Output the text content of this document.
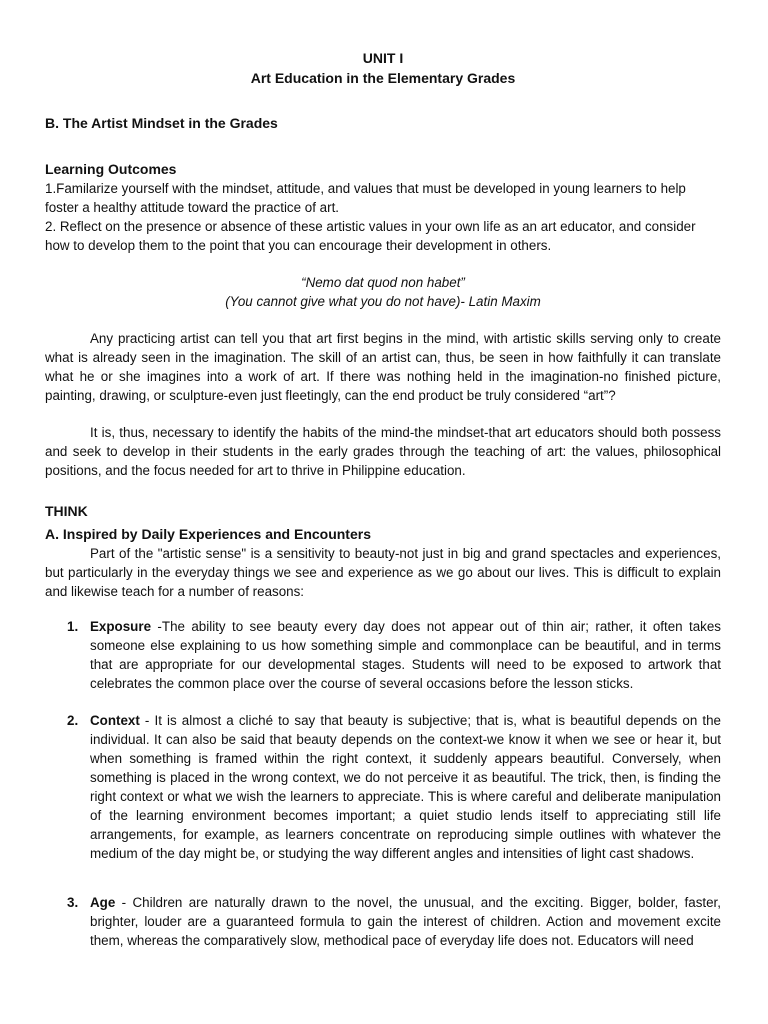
UNIT I

Art Education in the Elementary Grades

B. The Artist Mindset in the Grades

Learning Outcomes

1.Familarize yourself with the mindset, attitude, and values that must be developed in young learners to help foster a healthy attitude toward the practice of art.

2. Reflect on the presence or absence of these artistic values in your own life as an art educator, and consider how to develop them to the point that you can encourage their development in others.

“Nemo dat quod non habet”

(You cannot give what you do not have)- Latin Maxim

Any practicing artist can tell you that art first begins in the mind, with artistic skills serving only to create what is already seen in the imagination. The skill of an artist can, thus, be seen in how faithfully it can translate what he or she imagines into a work of art. If there was nothing held in the imagination-no finished picture, painting, drawing, or sculpture-even just fleetingly, can the end product be truly considered “art”?

It is, thus, necessary to identify the habits of the mind-the mindset-that art educators should both possess and seek to develop in their students in the early grades through the teaching of art: the values, philosophical positions, and the focus needed for art to thrive in Philippine education.

THINK

A. Inspired by Daily Experiences and Encounters

Part of the "artistic sense" is a sensitivity to beauty-not just in big and grand spectacles and experiences, but particularly in the everyday things we see and experience as we go about our lives. This is difficult to explain and likewise teach for a number of reasons:

1. Exposure -The ability to see beauty every day does not appear out of thin air; rather, it often takes someone else explaining to us how something simple and commonplace can be beautiful, and in terms that are appropriate for our developmental stages. Students will need to be exposed to artwork that celebrates the common place over the course of several occasions before the lesson sticks.
2. Context - It is almost a cliché to say that beauty is subjective; that is, what is beautiful depends on the individual. It can also be said that beauty depends on the context-we know it when we see or hear it, but when something is framed within the right context, it suddenly appears beautiful. Conversely, when something is placed in the wrong context, we do not perceive it as beautiful. The trick, then, is finding the right context or what we wish the learners to appreciate. This is where careful and deliberate manipulation of the learning environment becomes important; a quiet studio lends itself to appreciating still life arrangements, for example, as learners concentrate on reproducing simple outlines with whatever the medium of the day might be, or studying the way different angles and intensities of light cast shadows.
3. Age - Children are naturally drawn to the novel, the unusual, and the exciting. Bigger, bolder, faster, brighter, louder are a guaranteed formula to gain the interest of children. Action and movement excite them, whereas the comparatively slow, methodical pace of everyday life does not. Educators will need
